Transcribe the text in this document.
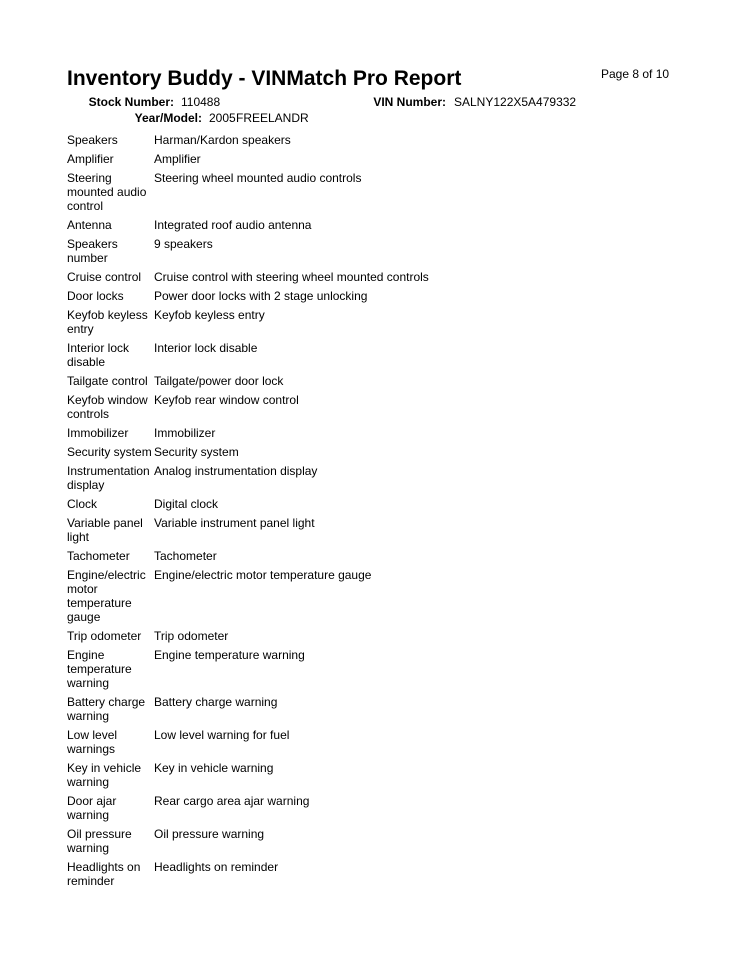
Page 8 of 10
Inventory Buddy - VINMatch Pro Report
Stock Number: 110488	VIN Number: SALNY122X5A479332
Year/Model: 2005 FREELANDR
Speakers	Harman/Kardon speakers
Amplifier	Amplifier
Steering mounted audio control	Steering wheel mounted audio controls
Antenna	Integrated roof audio antenna
Speakers number	9 speakers
Cruise control	Cruise control with steering wheel mounted controls
Door locks	Power door locks with 2 stage unlocking
Keyfob keyless entry	Keyfob keyless entry
Interior lock disable	Interior lock disable
Tailgate control	Tailgate/power door lock
Keyfob window controls	Keyfob rear window control
Immobilizer	Immobilizer
Security system	Security system
Instrumentation display	Analog instrumentation display
Clock	Digital clock
Variable panel light	Variable instrument panel light
Tachometer	Tachometer
Engine/electric motor temperature gauge	Engine/electric motor temperature gauge
Trip odometer	Trip odometer
Engine temperature warning	Engine temperature warning
Battery charge warning	Battery charge warning
Low level warnings	Low level warning for fuel
Key in vehicle warning	Key in vehicle warning
Door ajar warning	Rear cargo area ajar warning
Oil pressure warning	Oil pressure warning
Headlights on reminder	Headlights on reminder
